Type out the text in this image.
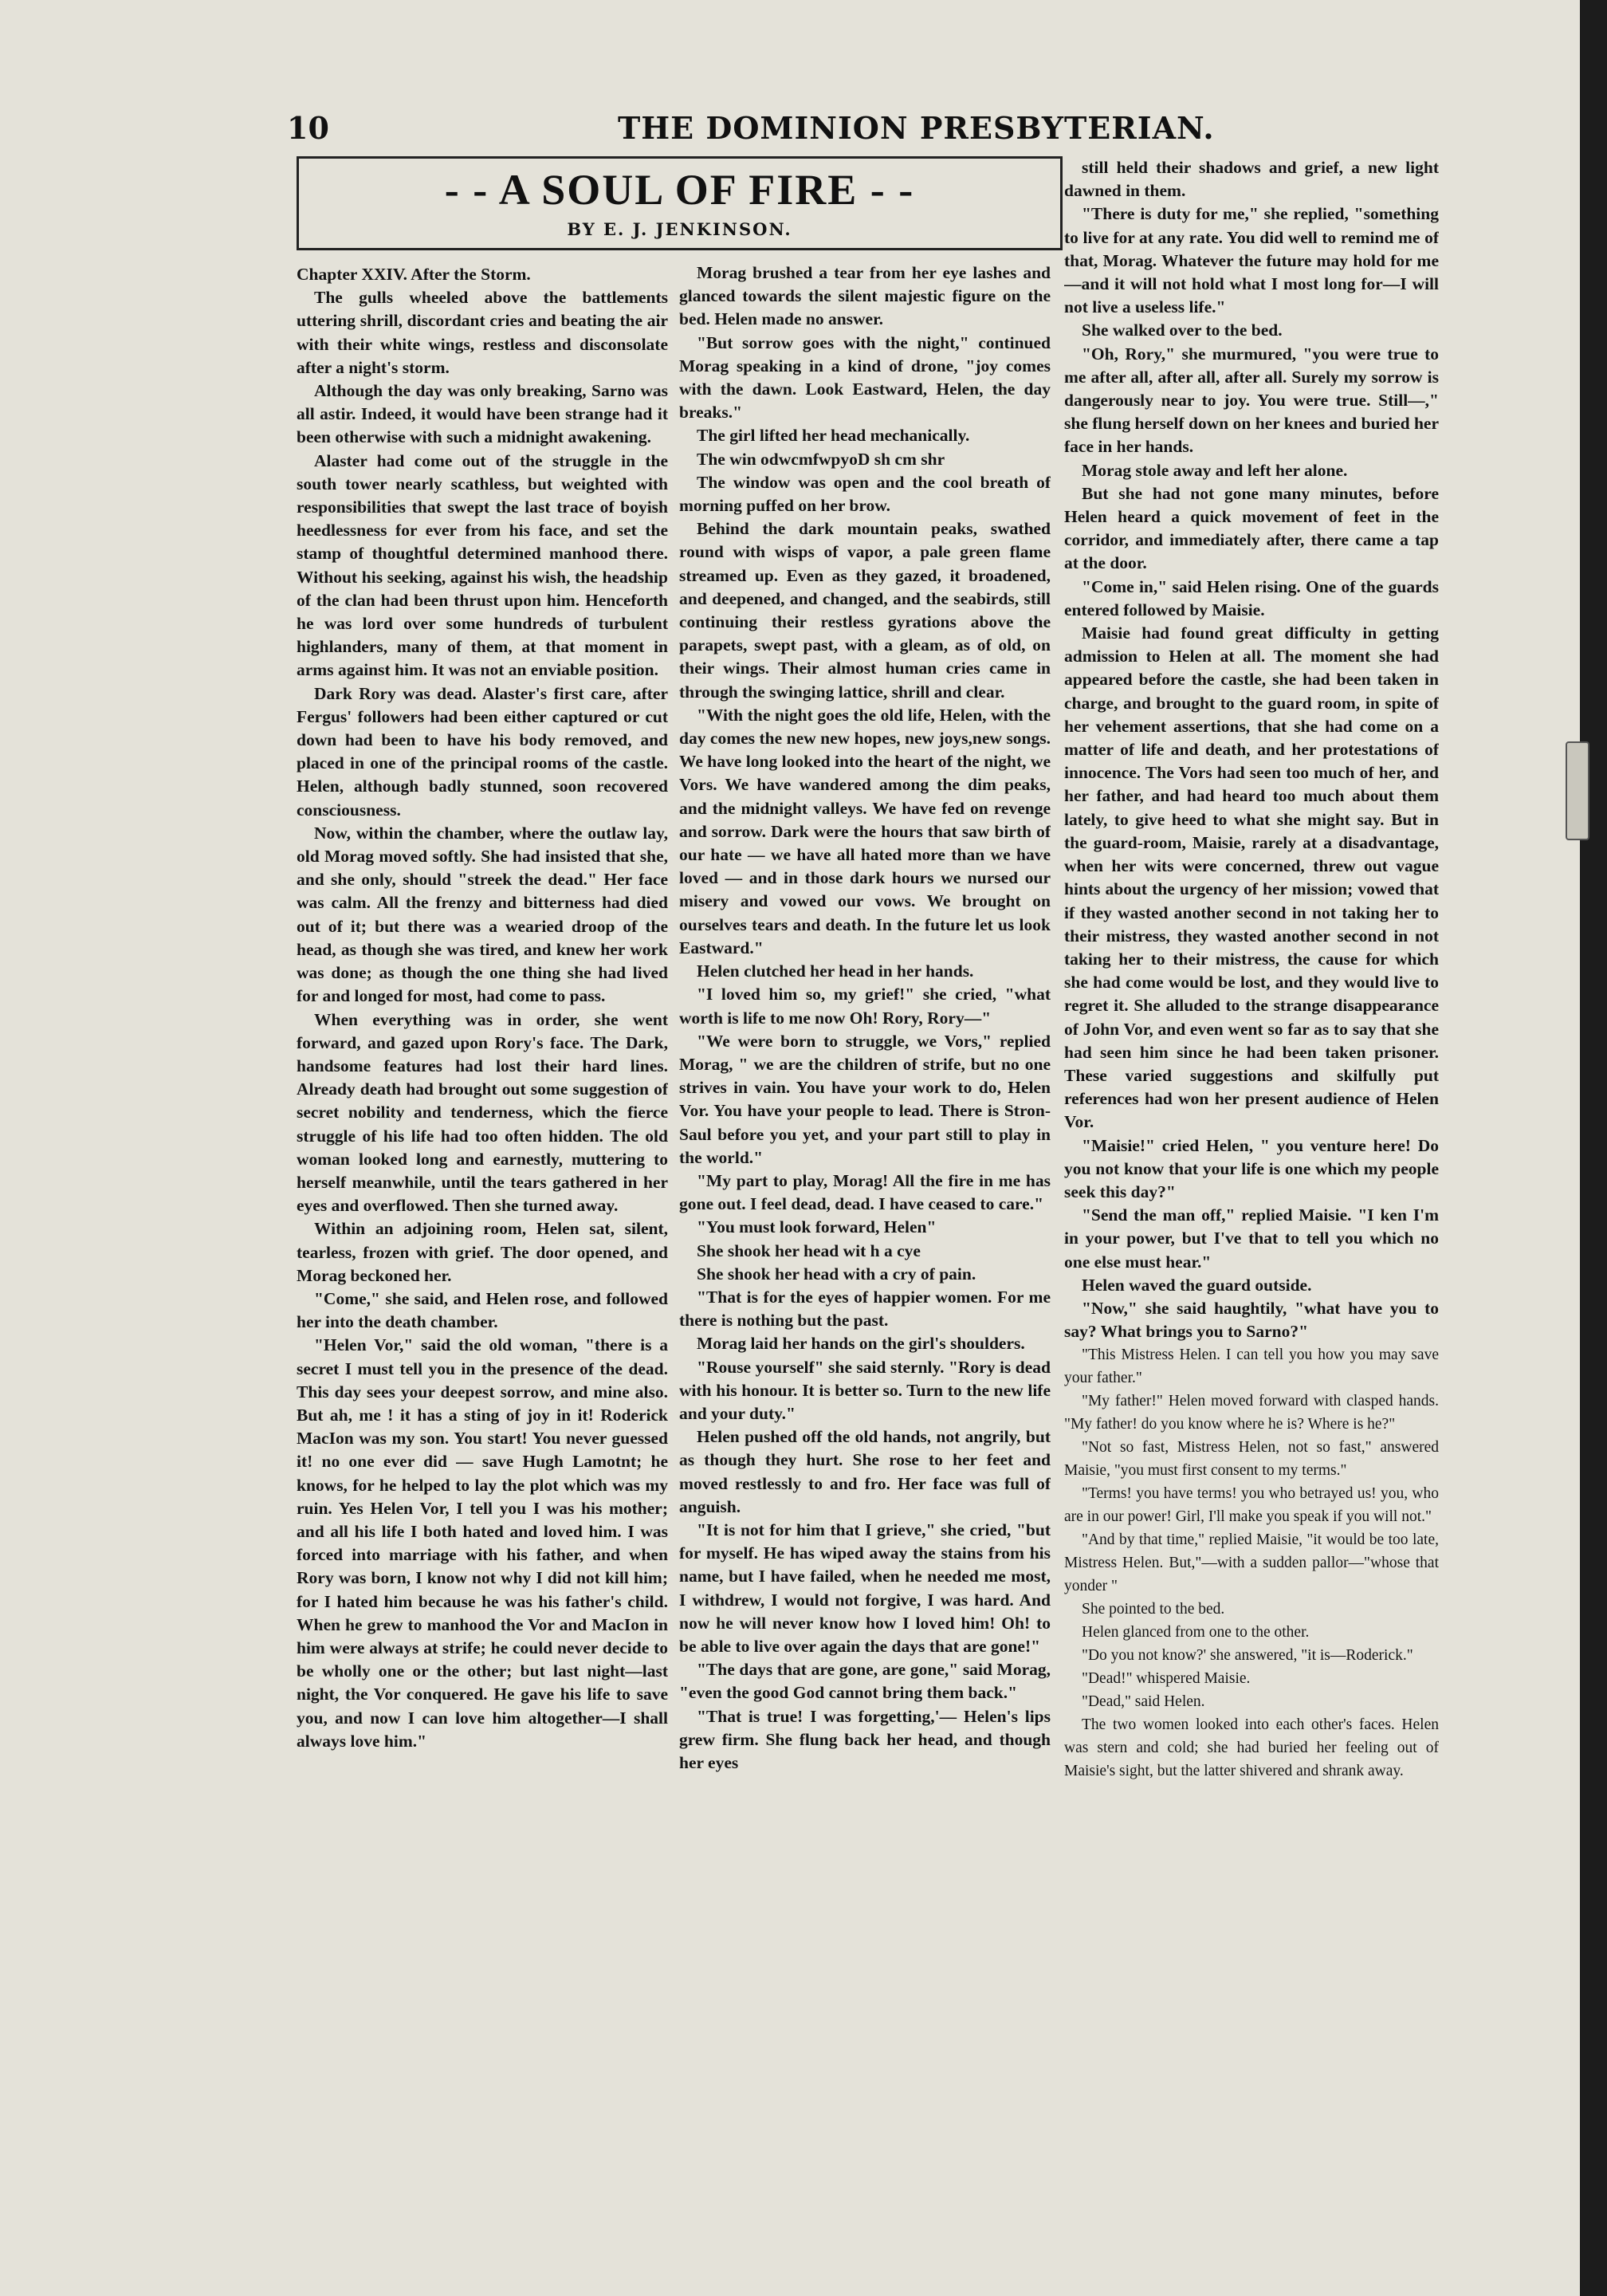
10	THE DOMINION PRESBYTERIAN.
- - A SOUL OF FIRE - -
BY E. J. JENKINSON.

Chapter XXIV. After the Storm.

The gulls wheeled above the battlements uttering shrill, discordant cries and beating the air with their white wings, restless and disconsolate after a night's storm.

Although the day was only breaking, Sarno was all astir. Indeed, it would have been strange had it been otherwise with such a midnight awakening.

Alaster had come out of the struggle in the south tower nearly scathless, but weighted with responsibilities that swept the last trace of boyish heedlessness for ever from his face, and set the stamp of thoughtful determined manhood there. Without his seeking, against his wish, the headship of the clan had been thrust upon him. Henceforth he was lord over some hundreds of turbulent highlanders, many of them, at that moment in arms against him. It was not an enviable position.

Dark Rory was dead. Alaster's first care, after Fergus' followers had been either captured or cut down had been to have his body removed, and placed in one of the principal rooms of the castle. Helen, although badly stunned, soon recovered consciousness.

Now, within the chamber, where the outlaw lay, old Morag moved softly. She had insisted that she, and she only, should "streek the dead." Her face was calm. All the frenzy and bitterness had died out of it; but there was a wearied droop of the head, as though she was tired, and knew her work was done; as though the one thing she had lived for and longed for most, had come to pass.

When everything was in order, she went forward, and gazed upon Rory's face. The Dark, handsome features had lost their hard lines. Already death had brought out some suggestion of secret nobility and tenderness, which the fierce struggle of his life had too often hidden. The old woman looked long and earnestly, muttering to herself meanwhile, until the tears gathered in her eyes and overflowed. Then she turned away.

Within an adjoining room, Helen sat, silent, tearless, frozen with grief. The door opened, and Morag beckoned her.

"Come," she said, and Helen rose, and followed her into the death chamber.

"Helen Vor," said the old woman, "there is a secret I must tell you in the presence of the dead. This day sees your deepest sorrow, and mine also. But ah, me ! it has a sting of joy in it! Roderick MacIon was my son. You start! You never guessed it! no one ever did — save Hugh Lamotnt; he knows, for he helped to lay the plot which was my ruin. Yes Helen Vor, I tell you I was his mother; and all his life I both hated and loved him. I was forced into marriage with his father, and when Rory was born, I know not why I did not kill him; for I hated him because he was his father's child. When he grew to manhood the Vor and MacIon in him were always at strife; he could never decide to be wholly one or the other; but last night—last night, the Vor conquered. He gave his life to save you, and now I can love him altogether—I shall always love him."

Morag brushed a tear from her eye lashes and glanced towards the silent majestic figure on the bed. Helen made no answer.

"But sorrow goes with the night," continued Morag speaking in a kind of drone, "joy comes with the dawn. Look Eastward, Helen, the day breaks."

The girl lifted her head mechanically.

The win odwcmfwpyoD sh cm shr

The window was open and the cool breath of morning puffed on her brow.

Behind the dark mountain peaks, swathed round with wisps of vapor, a pale green flame streamed up. Even as they gazed, it broadened, and deepened, and changed, and the seabirds, still continuing their restless gyrations above the parapets, swept past, with a gleam, as of old, on their wings. Their almost human cries came in through the swinging lattice, shrill and clear.

"With the night goes the old life, Helen, with the day comes the new new hopes, new joys,new songs. We have long looked into the heart of the night, we Vors. We have wandered among the dim peaks, and the midnight valleys. We have fed on revenge and sorrow. Dark were the hours that saw birth of our hate — we have all hated more than we have loved — and in those dark hours we nursed our misery and vowed our vows. We brought on ourselves tears and death. In the future let us look Eastward."

Helen clutched her head in her hands.

"I loved him so, my grief!" she cried, "what worth is life to me now Oh! Rory, Rory—"

"We were born to struggle, we Vors," replied Morag, " we are the children of strife, but no one strives in vain. You have your work to do, Helen Vor. You have your people to lead. There is Stron-Saul before you yet, and your part still to play in the world."

"My part to play, Morag! All the fire in me has gone out. I feel dead, dead. I have ceased to care."

"You must look forward, Helen"

She shook her head wit h a cye

She shook her head with a cry of pain.

"That is for the eyes of happier women. For me there is nothing but the past.

Morag laid her hands on the girl's shoulders.

"Rouse yourself" she said sternly. "Rory is dead with his honour. It is better so. Turn to the new life and your duty."

Helen pushed off the old hands, not angrily, but as though they hurt. She rose to her feet and moved restlessly to and fro. Her face was full of anguish.

"It is not for him that I grieve," she cried, "but for myself. He has wiped away the stains from his name, but I have failed, when he needed me most, I withdrew, I would not forgive, I was hard. And now he will never know how I loved him! Oh! to be able to live over again the days that are gone!"

"The days that are gone, are gone," said Morag, "even the good God cannot bring them back."

"That is true! I was forgetting,'— Helen's lips grew firm. She flung back her head, and though her eyes

still held their shadows and grief, a new light dawned in them.

"There is duty for me," she replied, "something to live for at any rate. You did well to remind me of that, Morag. Whatever the future may hold for me—and it will not hold what I most long for—I will not live a useless life."

She walked over to the bed.

"Oh, Rory," she murmured, "you were true to me after all, after all, after all. Surely my sorrow is dangerously near to joy. You were true. Still—," she flung herself down on her knees and buried her face in her hands.

Morag stole away and left her alone.

But she had not gone many minutes, before Helen heard a quick movement of feet in the corridor, and immediately after, there came a tap at the door.

"Come in," said Helen rising. One of the guards entered followed by Maisie.

Maisie had found great difficulty in getting admission to Helen at all. The moment she had appeared before the castle, she had been taken in charge, and brought to the guard room, in spite of her vehement assertions, that she had come on a matter of life and death, and her protestations of innocence. The Vors had seen too much of her, and her father, and had heard too much about them lately, to give heed to what she might say. But in the guard-room, Maisie, rarely at a disadvantage, when her wits were concerned, threw out vague hints about the urgency of her mission; vowed that if they wasted another second in not taking her to their mistress, they wasted another second in not taking her to their mistress, the cause for which she had come would be lost, and they would live to regret it. She alluded to the strange disappearance of John Vor, and even went so far as to say that she had seen him since he had been taken prisoner. These varied suggestions and skilfully put references had won her present audience of Helen Vor.

"Maisie!" cried Helen, " you venture here! Do you not know that your life is one which my people seek this day?"

"Send the man off," replied Maisie. "I ken I'm in your power, but I've that to tell you which no one else must hear."

Helen waved the guard outside.

"Now," she said haughtily, "what have you to say? What brings you to Sarno?"

"This Mistress Helen. I can tell you how you may save your father."

"My father!" Helen moved forward with clasped hands. "My father! do you know where he is? Where is he?"

"Not so fast, Mistress Helen, not so fast," answered Maisie, "you must first consent to my terms."

"Terms! you have terms! you who betrayed us! you, who are in our power! Girl, I'll make you speak if you will not."

"And by that time," replied Maisie, "it would be too late, Mistress Helen. But,"—with a sudden pallor—"whose that yonder "

She pointed to the bed.

Helen glanced from one to the other.

"Do you not know?' she answered, "it is—Roderick."

"Dead!" whispered Maisie.

"Dead," said Helen.

The two women looked into each other's faces. Helen was stern and cold; she had buried her feeling out of Maisie's sight, but the latter shivered and shrank away.
